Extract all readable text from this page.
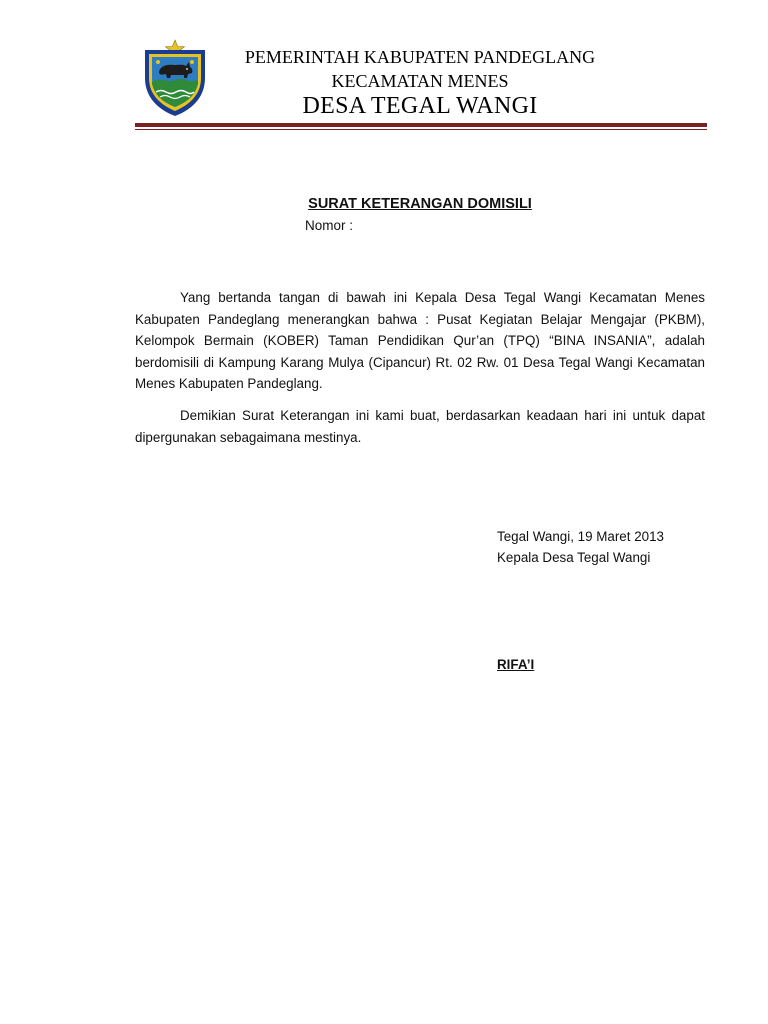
PEMERINTAH KABUPATEN PANDEGLANG
KECAMATAN MENES
DESA TEGAL WANGI
SURAT KETERANGAN DOMISILI
Nomor :

Yang bertanda tangan di bawah ini Kepala Desa Tegal Wangi Kecamatan Menes Kabupaten Pandeglang menerangkan bahwa : Pusat Kegiatan Belajar Mengajar (PKBM), Kelompok Bermain (KOBER) Taman Pendidikan Qur’an (TPQ) “BINA INSANIA”, adalah berdomisili di Kampung Karang Mulya (Cipancur) Rt. 02 Rw. 01 Desa Tegal Wangi Kecamatan Menes Kabupaten Pandeglang.

Demikian Surat Keterangan ini kami buat, berdasarkan keadaan hari ini untuk dapat dipergunakan sebagaimana mestinya.

Tegal Wangi, 19 Maret 2013
Kepala Desa Tegal Wangi
RIFA’I
